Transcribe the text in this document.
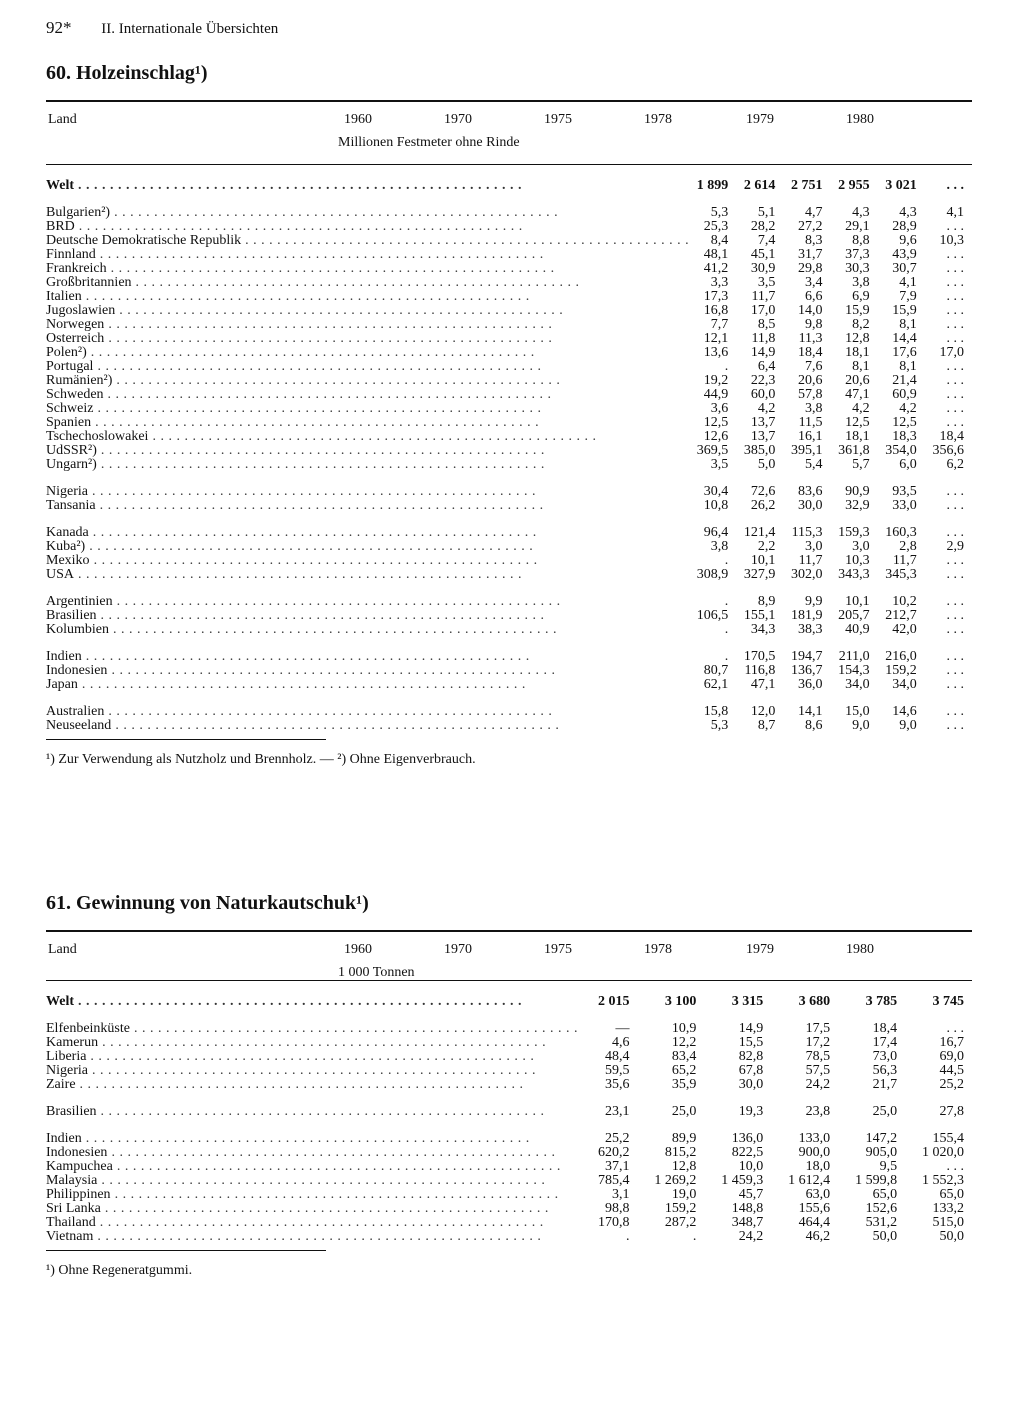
92* II. Internationale Übersichten
60. Holzeinschlag¹)
Land	1960	1970	1975	1978	1979	1980
Millionen Festmeter ohne Rinde
Welt . . .	1 899	2 614	2 751	2 955	3 021	. . .

Bulgarien²) . . .	5,3	5,1	4,7	4,3	4,3	4,1
BRD . . .	25,3	28,2	27,2	29,1	28,9	. . .
Deutsche Demokratische Republik . . .	8,4	7,4	8,3	8,8	9,6	10,3
Finnland . . .	48,1	45,1	31,7	37,3	43,9	. . .
Frankreich . . .	41,2	30,9	29,8	30,3	30,7	. . .
Großbritannien . . .	3,3	3,5	3,4	3,8	4,1	. . .
Italien . . .	17,3	11,7	6,6	6,9	7,9	. . .
Jugoslawien . . .	16,8	17,0	14,0	15,9	15,9	. . .
Norwegen . . .	7,7	8,5	9,8	8,2	8,1	. . .
Österreich . . .	12,1	11,8	11,3	12,8	14,4	. . .
Polen²) . . .	13,6	14,9	18,4	18,1	17,6	17,0
Portugal . . .	.	6,4	7,6	8,1	8,1	. . .
Rumänien²) . . .	19,2	22,3	20,6	20,6	21,4	. . .
Schweden . . .	44,9	60,0	57,8	47,1	60,9	. . .
Schweiz . . .	3,6	4,2	3,8	4,2	4,2	. . .
Spanien . . .	12,5	13,7	11,5	12,5	12,5	. . .
Tschechoslowakei . . .	12,6	13,7	16,1	18,1	18,3	18,4
UdSSR²) . . .	369,5	385,0	395,1	361,8	354,0	356,6
Ungarn²) . . .	3,5	5,0	5,4	5,7	6,0	6,2

Nigeria . . .	30,4	72,6	83,6	90,9	93,5	. . .
Tansania . . .	10,8	26,2	30,0	32,9	33,0	. . .

Kanada . . .	96,4	121,4	115,3	159,3	160,3	. . .
Kuba²) . . .	3,8	2,2	3,0	3,0	2,8	2,9
Mexiko . . .	.	10,1	11,7	10,3	11,7	. . .
USA . . .	308,9	327,9	302,0	343,3	345,3	. . .

Argentinien . . .	.	8,9	9,9	10,1	10,2	. . .
Brasilien . . .	106,5	155,1	181,9	205,7	212,7	. . .
Kolumbien . . .	.	34,3	38,3	40,9	42,0	. . .

Indien . . .	.	170,5	194,7	211,0	216,0	. . .
Indonesien . . .	80,7	116,8	136,7	154,3	159,2	. . .
Japan . . .	62,1	47,1	36,0	34,0	34,0	. . .

Australien . . .	15,8	12,0	14,1	15,0	14,6	. . .
Neuseeland . . .	5,3	8,7	8,6	9,0	9,0	. . .
¹) Zur Verwendung als Nutzholz und Brennholz. — ²) Ohne Eigenverbrauch.
61. Gewinnung von Naturkautschuk¹)
Land	1960	1970	1975	1978	1979	1980
1 000 Tonnen
Welt . . .	2 015	3 100	3 315	3 680	3 785	3 745

Elfenbeinküste . . .	—	10,9	14,9	17,5	18,4	. . .
Kamerun . . .	4,6	12,2	15,5	17,2	17,4	16,7
Liberia . . .	48,4	83,4	82,8	78,5	73,0	69,0
Nigeria . . .	59,5	65,2	67,8	57,5	56,3	44,5
Zaire . . .	35,6	35,9	30,0	24,2	21,7	25,2

Brasilien . . .	23,1	25,0	19,3	23,8	25,0	27,8

Indien . . .	25,2	89,9	136,0	133,0	147,2	155,4
Indonesien . . .	620,2	815,2	822,5	900,0	905,0	1 020,0
Kampuchea . . .	37,1	12,8	10,0	18,0	9,5	. . .
Malaysia . . .	785,4	1 269,2	1 459,3	1 612,4	1 599,8	1 552,3
Philippinen . . .	3,1	19,0	45,7	63,0	65,0	65,0
Sri Lanka . . .	98,8	159,2	148,8	155,6	152,6	133,2
Thailand . . .	170,8	287,2	348,7	464,4	531,2	515,0
Vietnam . . .	.	.	24,2	46,2	50,0	50,0
¹) Ohne Regeneratgummi.
